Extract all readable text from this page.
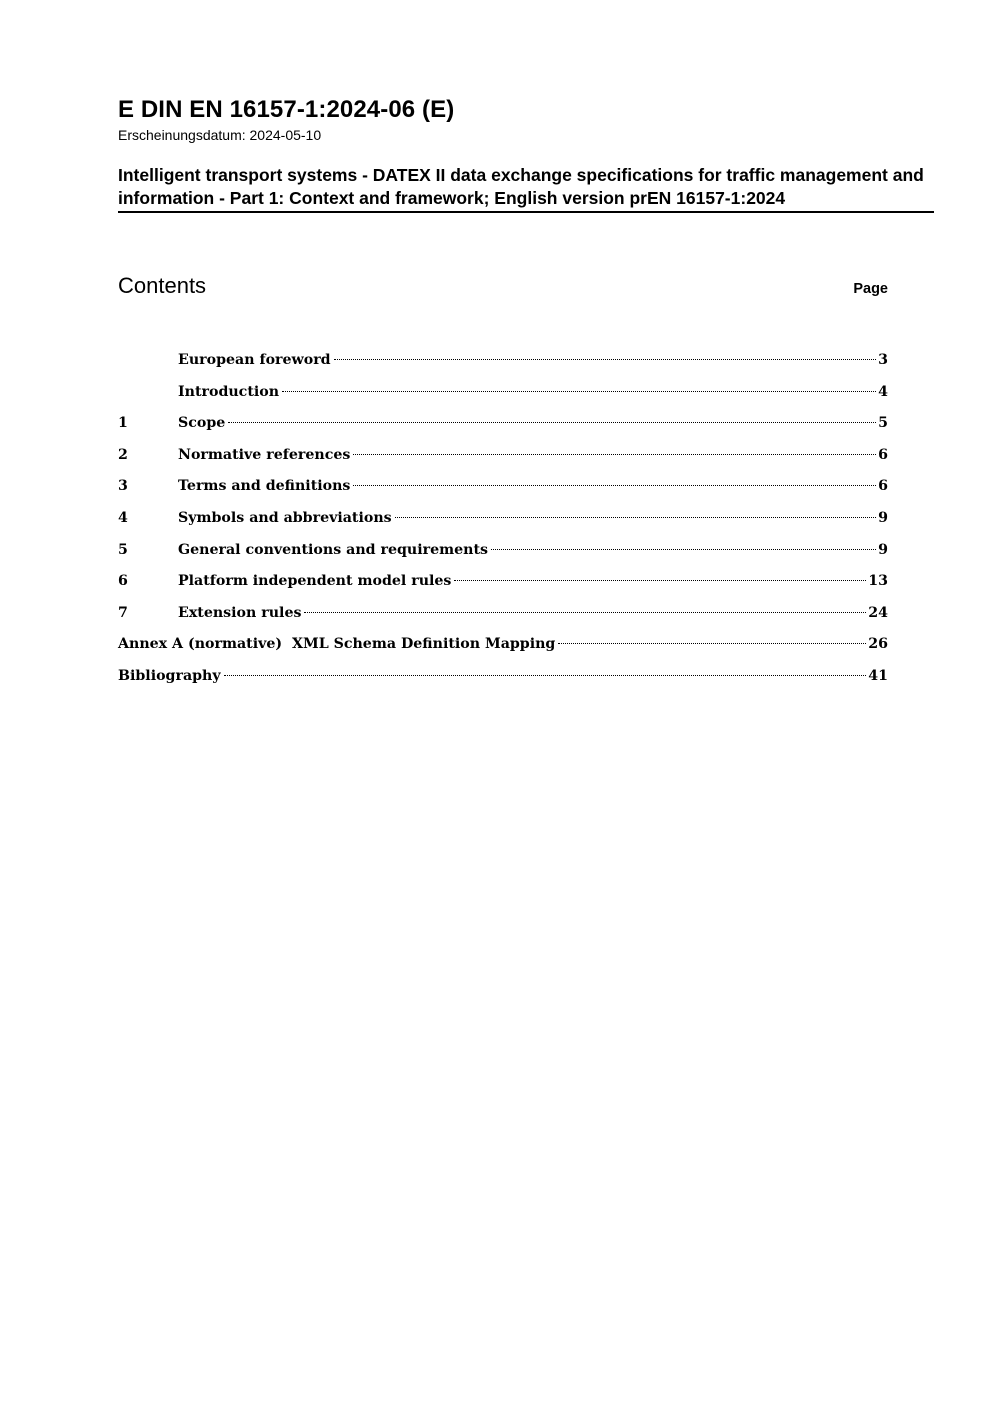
E DIN EN 16157-1:2024-06 (E)
Erscheinungsdatum: 2024-05-10
Intelligent transport systems - DATEX II data exchange specifications for traffic management and information - Part 1: Context and framework; English version prEN 16157-1:2024
Contents	Page
European foreword	3
Introduction	4
1	Scope	5
2	Normative references	6
3	Terms and definitions	6
4	Symbols and abbreviations	9
5	General conventions and requirements	9
6	Platform independent model rules	13
7	Extension rules	24
Annex A (normative)  XML Schema Definition Mapping	26
Bibliography	41
